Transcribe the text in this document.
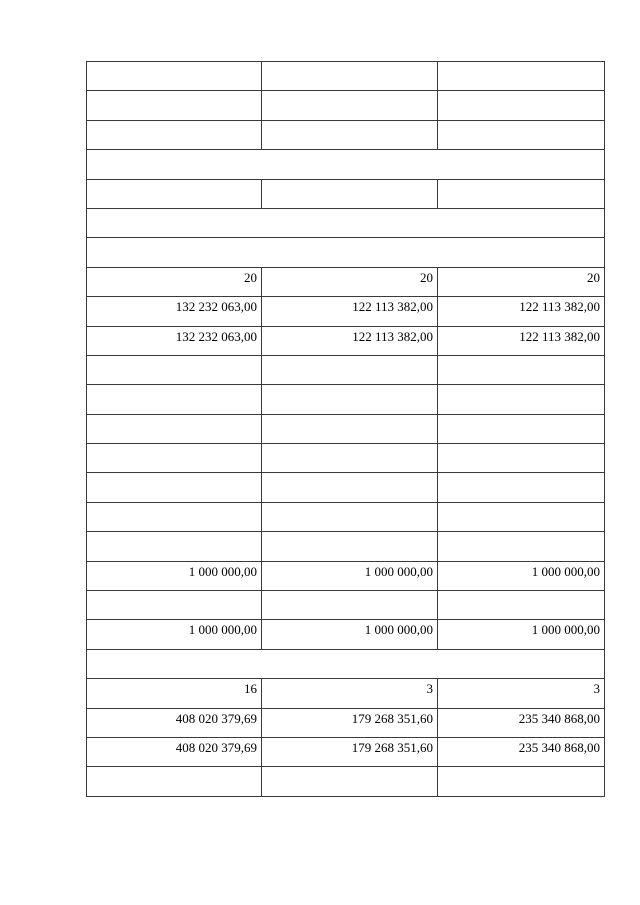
20	20	20
132 232 063,00	122 113 382,00	122 113 382,00
132 232 063,00	122 113 382,00	122 113 382,00

1 000 000,00	1 000 000,00	1 000 000,00

1 000 000,00	1 000 000,00	1 000 000,00

16	3	3
408 020 379,69	179 268 351,60	235 340 868,00
408 020 379,69	179 268 351,60	235 340 868,00
